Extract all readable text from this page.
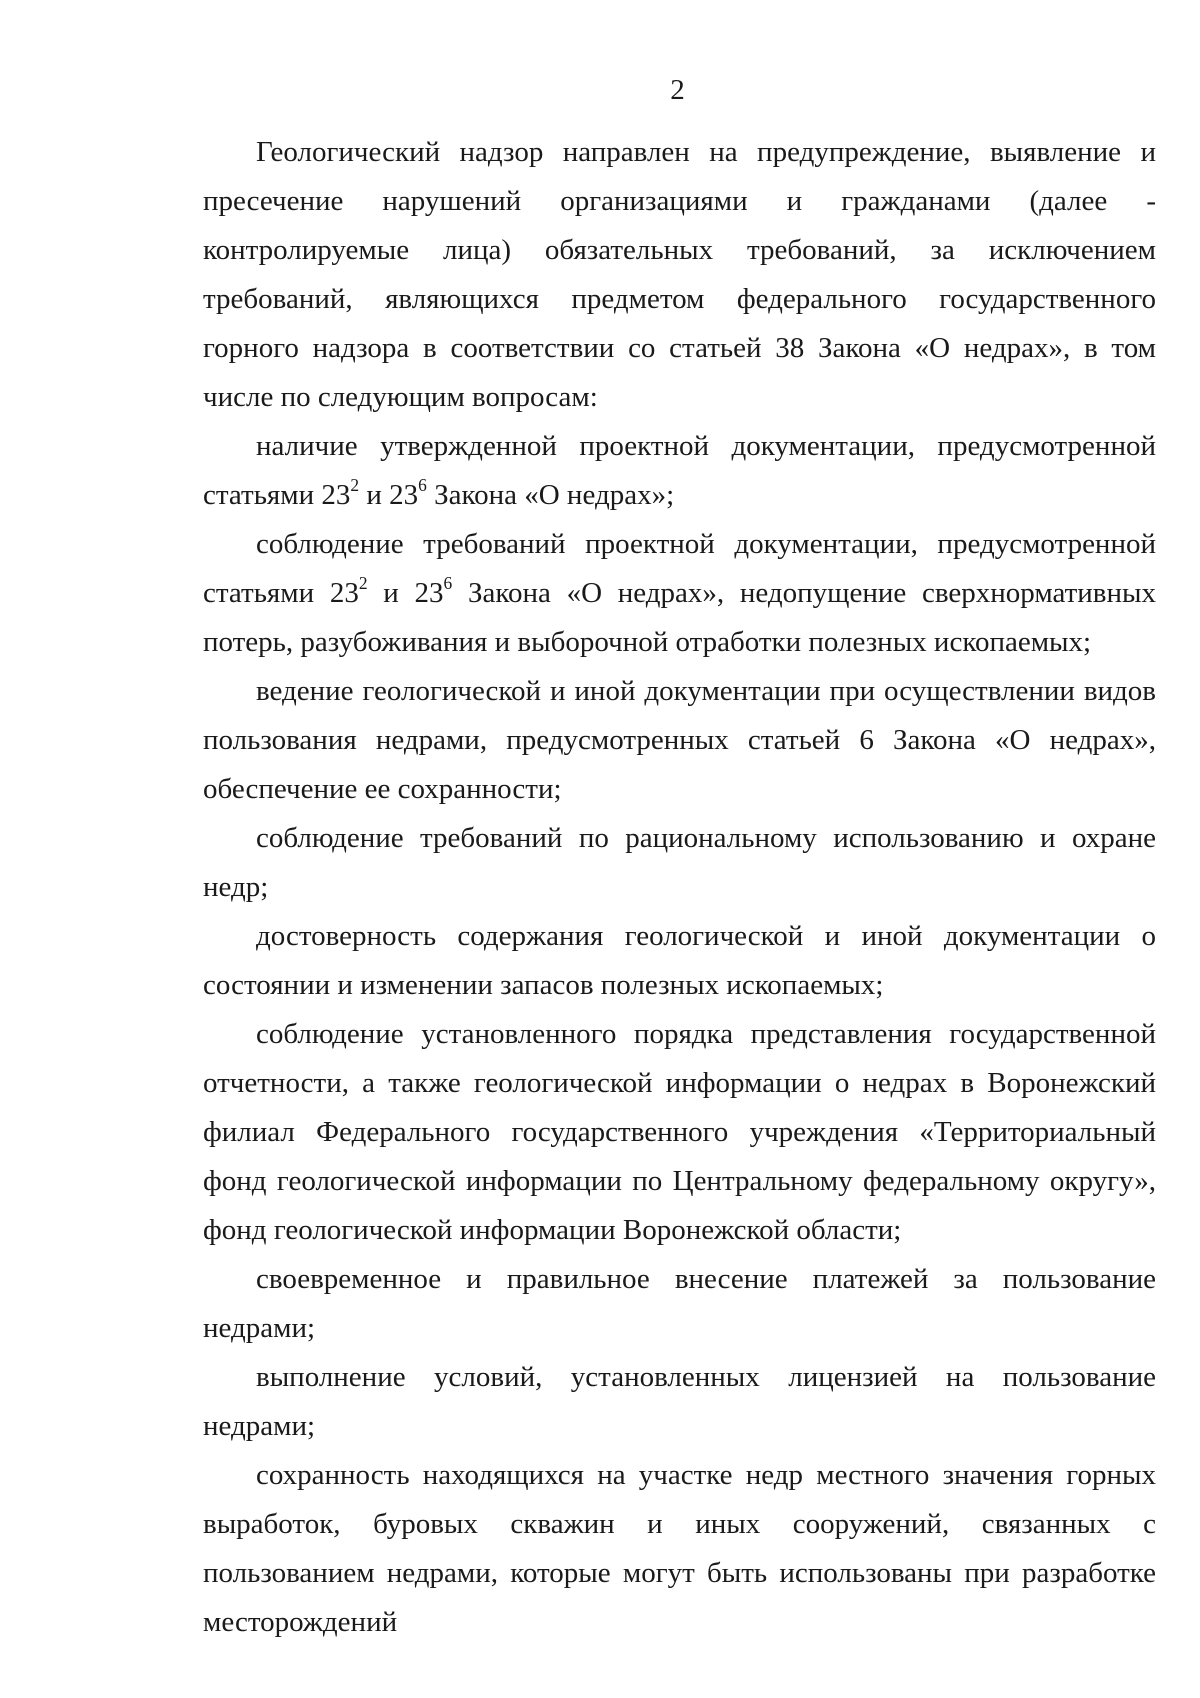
2

Геологический надзор направлен на предупреждение, выявление и пресечение нарушений организациями и гражданами (далее - контролируемые лица) обязательных требований, за исключением требований, являющихся предметом федерального государственного горного надзора в соответствии со статьей 38 Закона «О недрах», в том числе по следующим вопросам:

наличие утвержденной проектной документации, предусмотренной статьями $23^2$ и $23^6$ Закона «О недрах»;

соблюдение требований проектной документации, предусмотренной статьями $23^2$ и $23^6$ Закона «О недрах», недопущение сверхнормативных потерь, разубоживания и выборочной отработки полезных ископаемых;

ведение геологической и иной документации при осуществлении видов пользования недрами, предусмотренных статьей 6 Закона «О недрах», обеспечение ее сохранности;

соблюдение требований по рациональному использованию и охране недр;

достоверность содержания геологической и иной документации о состоянии и изменении запасов полезных ископаемых;

соблюдение установленного порядка представления государственной отчетности, а также геологической информации о недрах в Воронежский филиал Федерального государственного учреждения «Территориальный фонд геологической информации по Центральному федеральному округу», фонд геологической информации Воронежской области;

своевременное и правильное внесение платежей за пользование недрами;

выполнение условий, установленных лицензией на пользование недрами;

сохранность находящихся на участке недр местного значения горных выработок, буровых скважин и иных сооружений, связанных с пользованием недрами, которые могут быть использованы при разработке месторождений
